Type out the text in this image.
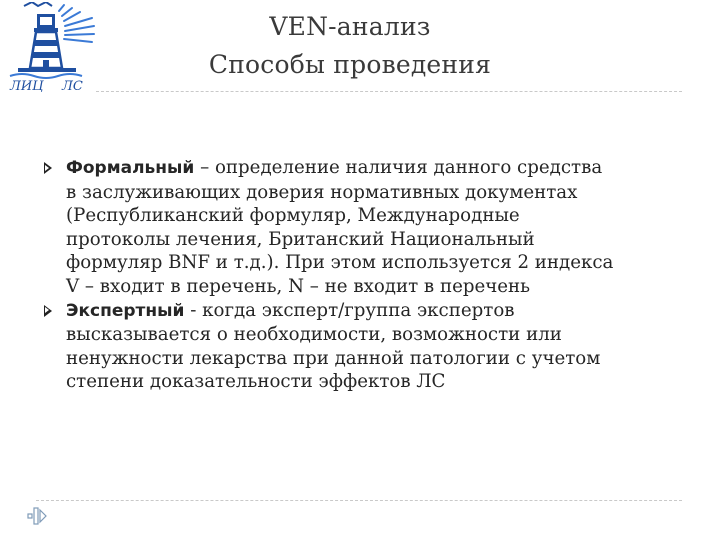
ЛИЦ ЛС
VEN-анализ
Способы проведения
Формальный – определение наличия данного средства
в заслуживающих доверия нормативных документах
(Республиканский формуляр, Международные
протоколы лечения, Британский Национальный
формуляр BNF и т.д.). При этом используется 2 индекса
V – входит в перечень, N – не входит в перечень
Экспертный - когда эксперт/группа экспертов
высказывается о необходимости, возможности или
ненужности лекарства при данной патологии с учетом
степени доказательности эффектов ЛС
